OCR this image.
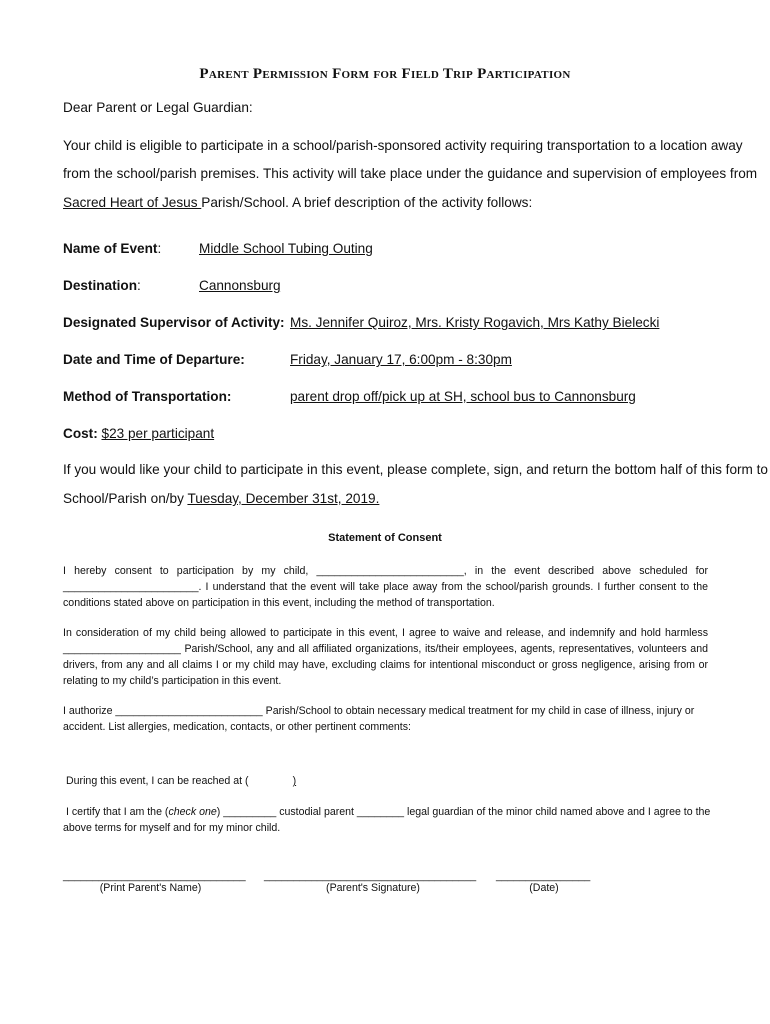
Parent Permission Form for Field Trip Participation
Dear Parent or Legal Guardian:
Your child is eligible to participate in a school/parish-sponsored activity requiring transportation to a location away
from the school/parish premises. This activity will take place under the guidance and supervision of employees from
Sacred Heart of Jesus Parish/School. A brief description of the activity follows:
Name of Event:	Middle School Tubing Outing
Destination:	Cannonsburg
Designated Supervisor of Activity: Ms. Jennifer Quiroz, Mrs. Kristy Rogavich, Mrs Kathy Bielecki
Date and Time of Departure:	Friday, January 17, 6:00pm - 8:30pm
Method of Transportation:	parent drop off/pick up at SH, school bus to Cannonsburg
Cost: $23 per participant
If you would like your child to participate in this event, please complete, sign, and return the bottom half of this form to
School/Parish on/by Tuesday, December 31st, 2019.
Statement of Consent
I hereby consent to participation by my child, _________________________, in the event described above scheduled for
_______________________. I understand that the event will take place away from the school/parish grounds. I further consent to the
conditions stated above on participation in this event, including the method of transportation.
In consideration of my child being allowed to participate in this event, I agree to waive and release, and indemnify and hold harmless
____________________ Parish/School, any and all affiliated organizations, its/their employees, agents, representatives, volunteers and
drivers, from any and all claims I or my child may have, excluding claims for intentional misconduct or gross negligence, arising from or
relating to my child’s participation in this event.
I authorize _________________________ Parish/School to obtain necessary medical treatment for my child in case of illness, injury or
accident. List allergies, medication, contacts, or other pertinent comments:
During this event, I can be reached at (	)
I certify that I am the (check one) _________ custodial parent ________ legal guardian of the minor child named above and I agree to the
above terms for myself and for my minor child.
_______________________________ ____________________________________ ________________
(Print Parent's Name)	(Parent's Signature)	(Date)
